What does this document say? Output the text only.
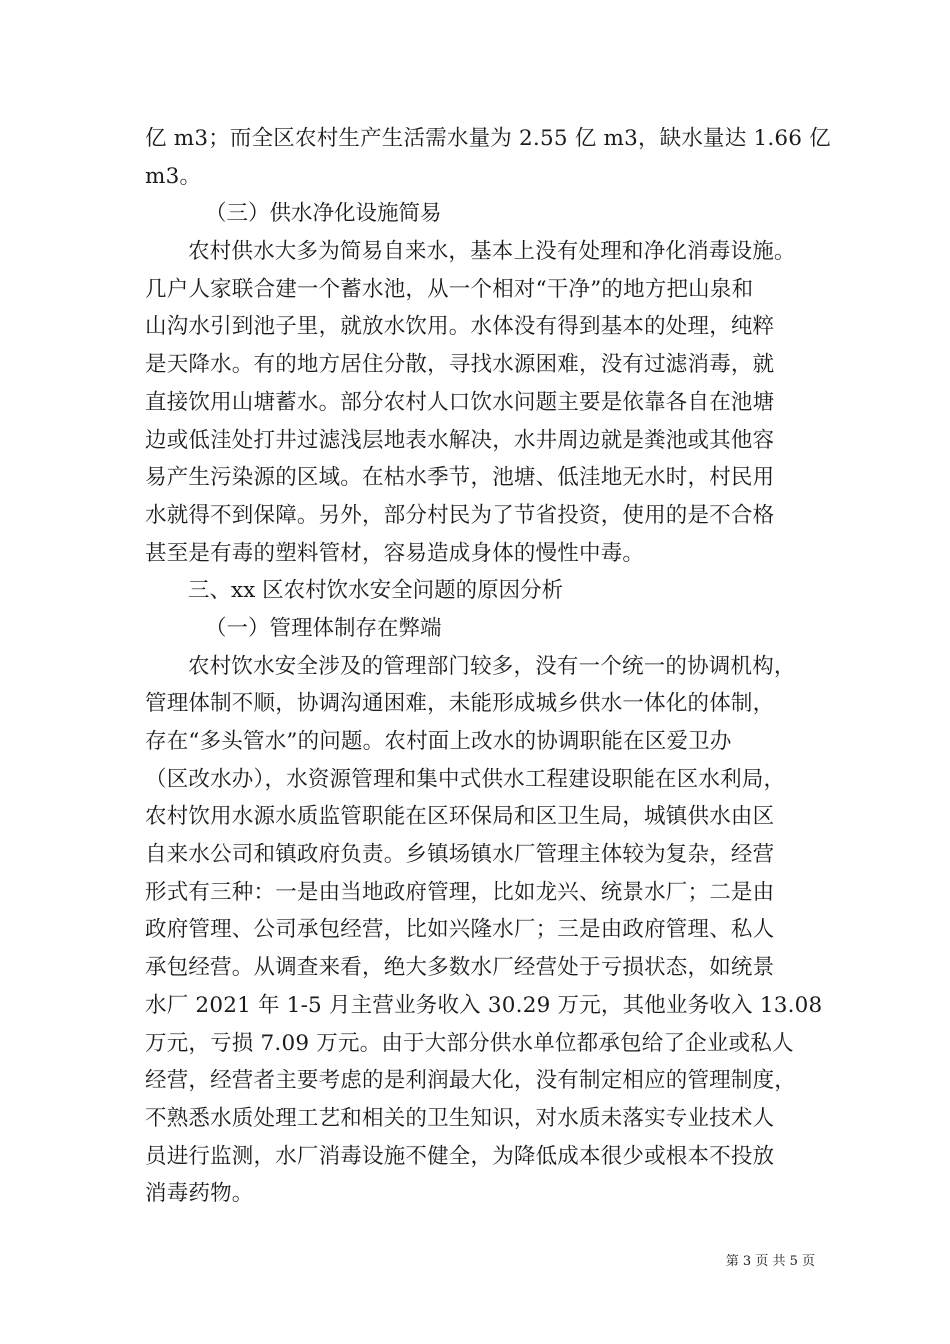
亿 m3；而全区农村生产生活需水量为 2.55 亿 m3，缺水量达 1.66 亿
m3。
（三）供水净化设施简易
农村供水大多为简易自来水，基本上没有处理和净化消毒设施。
几户人家联合建一个蓄水池，从一个相对“干净”的地方把山泉和
山沟水引到池子里，就放水饮用。水体没有得到基本的处理，纯粹
是天降水。有的地方居住分散，寻找水源困难，没有过滤消毒，就
直接饮用山塘蓄水。部分农村人口饮水问题主要是依靠各自在池塘
边或低洼处打井过滤浅层地表水解决，水井周边就是粪池或其他容
易产生污染源的区域。在枯水季节，池塘、低洼地无水时，村民用
水就得不到保障。另外，部分村民为了节省投资，使用的是不合格
甚至是有毒的塑料管材，容易造成身体的慢性中毒。
三、xx 区农村饮水安全问题的原因分析
（一）管理体制存在弊端
农村饮水安全涉及的管理部门较多，没有一个统一的协调机构，
管理体制不顺，协调沟通困难，未能形成城乡供水一体化的体制，
存在“多头管水”的问题。农村面上改水的协调职能在区爱卫办
（区改水办），水资源管理和集中式供水工程建设职能在区水利局，
农村饮用水源水质监管职能在区环保局和区卫生局，城镇供水由区
自来水公司和镇政府负责。乡镇场镇水厂管理主体较为复杂，经营
形式有三种：一是由当地政府管理，比如龙兴、统景水厂；二是由
政府管理、公司承包经营，比如兴隆水厂；三是由政府管理、私人
承包经营。从调查来看，绝大多数水厂经营处于亏损状态，如统景
水厂 2021 年 1-5 月主营业务收入 30.29 万元，其他业务收入 13.08
万元，亏损 7.09 万元。由于大部分供水单位都承包给了企业或私人
经营，经营者主要考虑的是利润最大化，没有制定相应的管理制度，
不熟悉水质处理工艺和相关的卫生知识，对水质未落实专业技术人
员进行监测，水厂消毒设施不健全，为降低成本很少或根本不投放
消毒药物。
第 3 页 共 5 页
